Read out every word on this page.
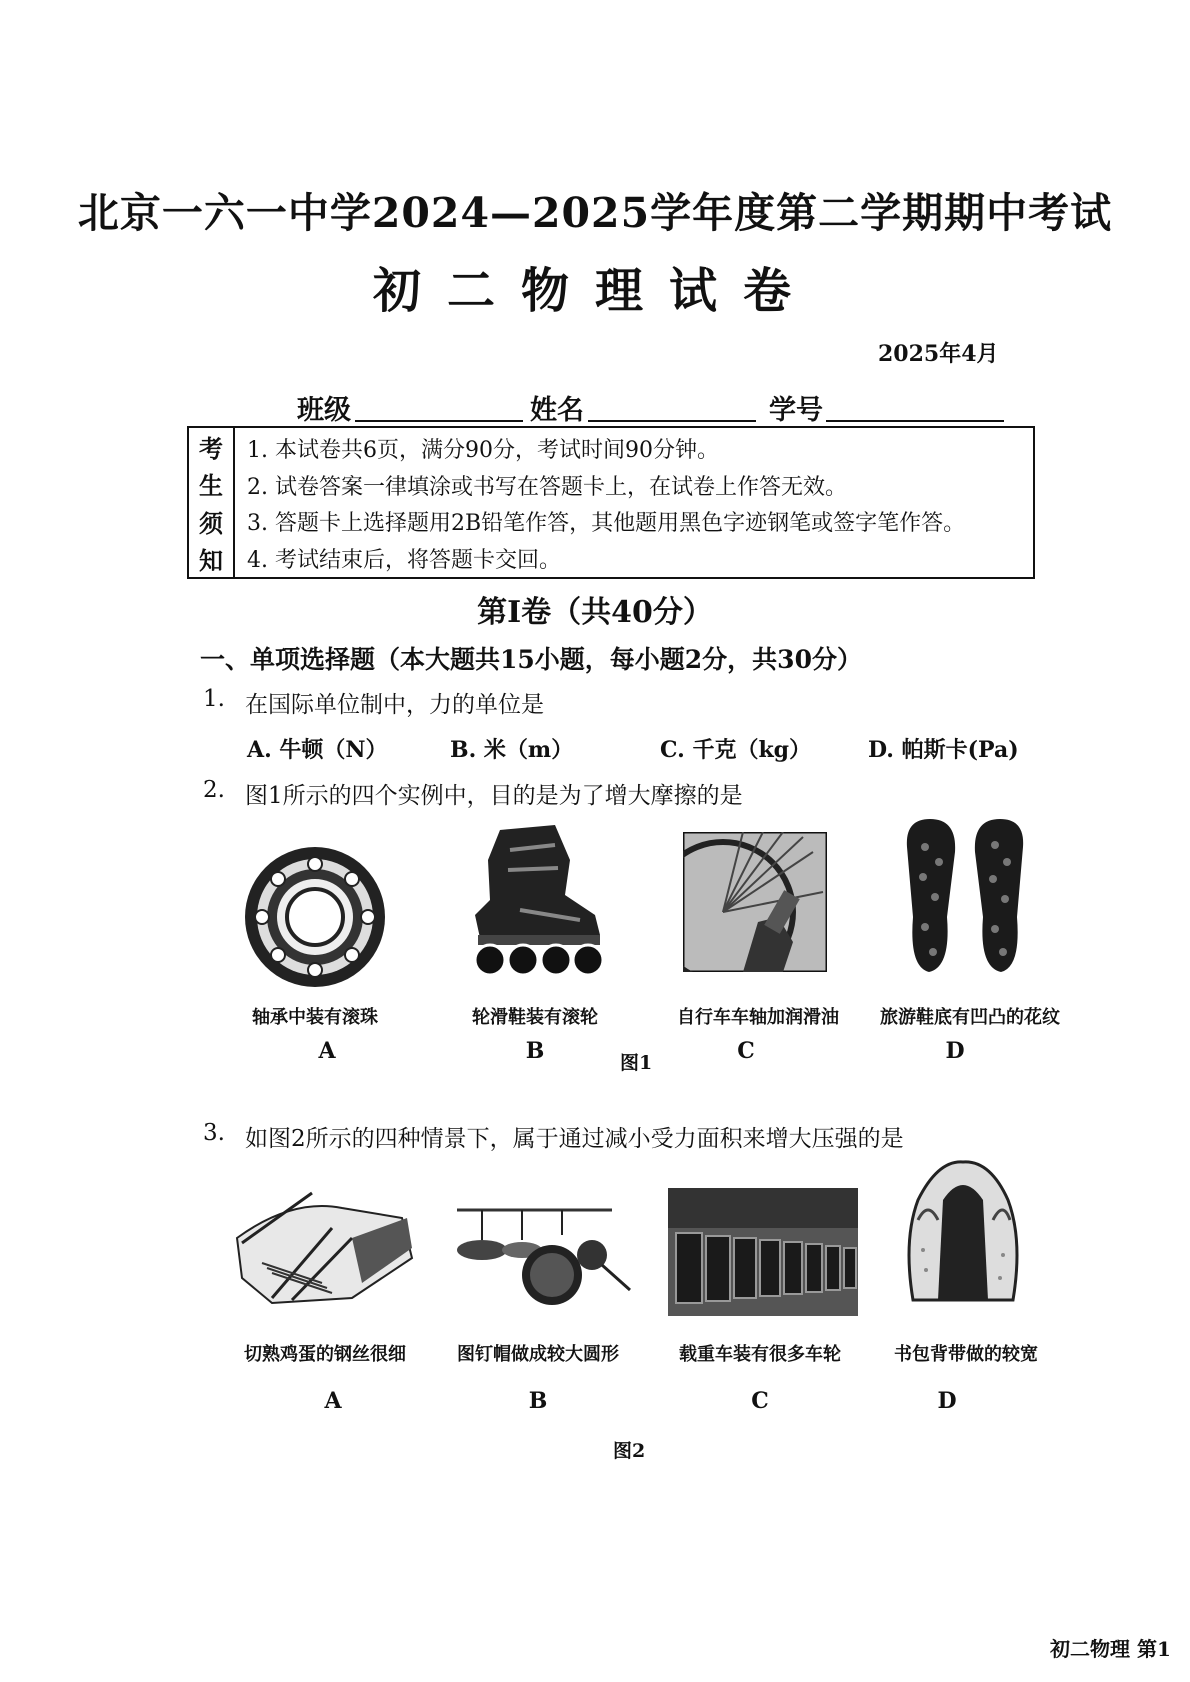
北京一六一中学2024—2025学年度第二学期期中考试
初二物理试卷
2025年4月
班级	姓名	学号
考
生
须
知
1. 本试卷共6页，满分90分，考试时间90分钟。
2. 试卷答案一律填涂或书写在答题卡上，在试卷上作答无效。
3. 答题卡上选择题用2B铅笔作答，其他题用黑色字迹钢笔或签字笔作答。
4. 考试结束后，将答题卡交回。
第Ⅰ卷（共40分）
一、单项选择题（本大题共15小题，每小题2分，共30分）
1. 在国际单位制中，力的单位是
A. 牛顿（N）	B. 米（m）	C. 千克（kg）	D. 帕斯卡(Pa)
2. 图1所示的四个实例中，目的是为了增大摩擦的是
轴承中装有滚珠	轮滑鞋装有滚轮	自行车车轴加润滑油	旅游鞋底有凹凸的花纹
A	B	C	D
图1
3. 如图2所示的四种情景下，属于通过减小受力面积来增大压强的是
切熟鸡蛋的钢丝很细	图钉帽做成较大圆形	载重车装有很多车轮	书包背带做的较宽
A	B	C	D
图2
初二物理 第1
